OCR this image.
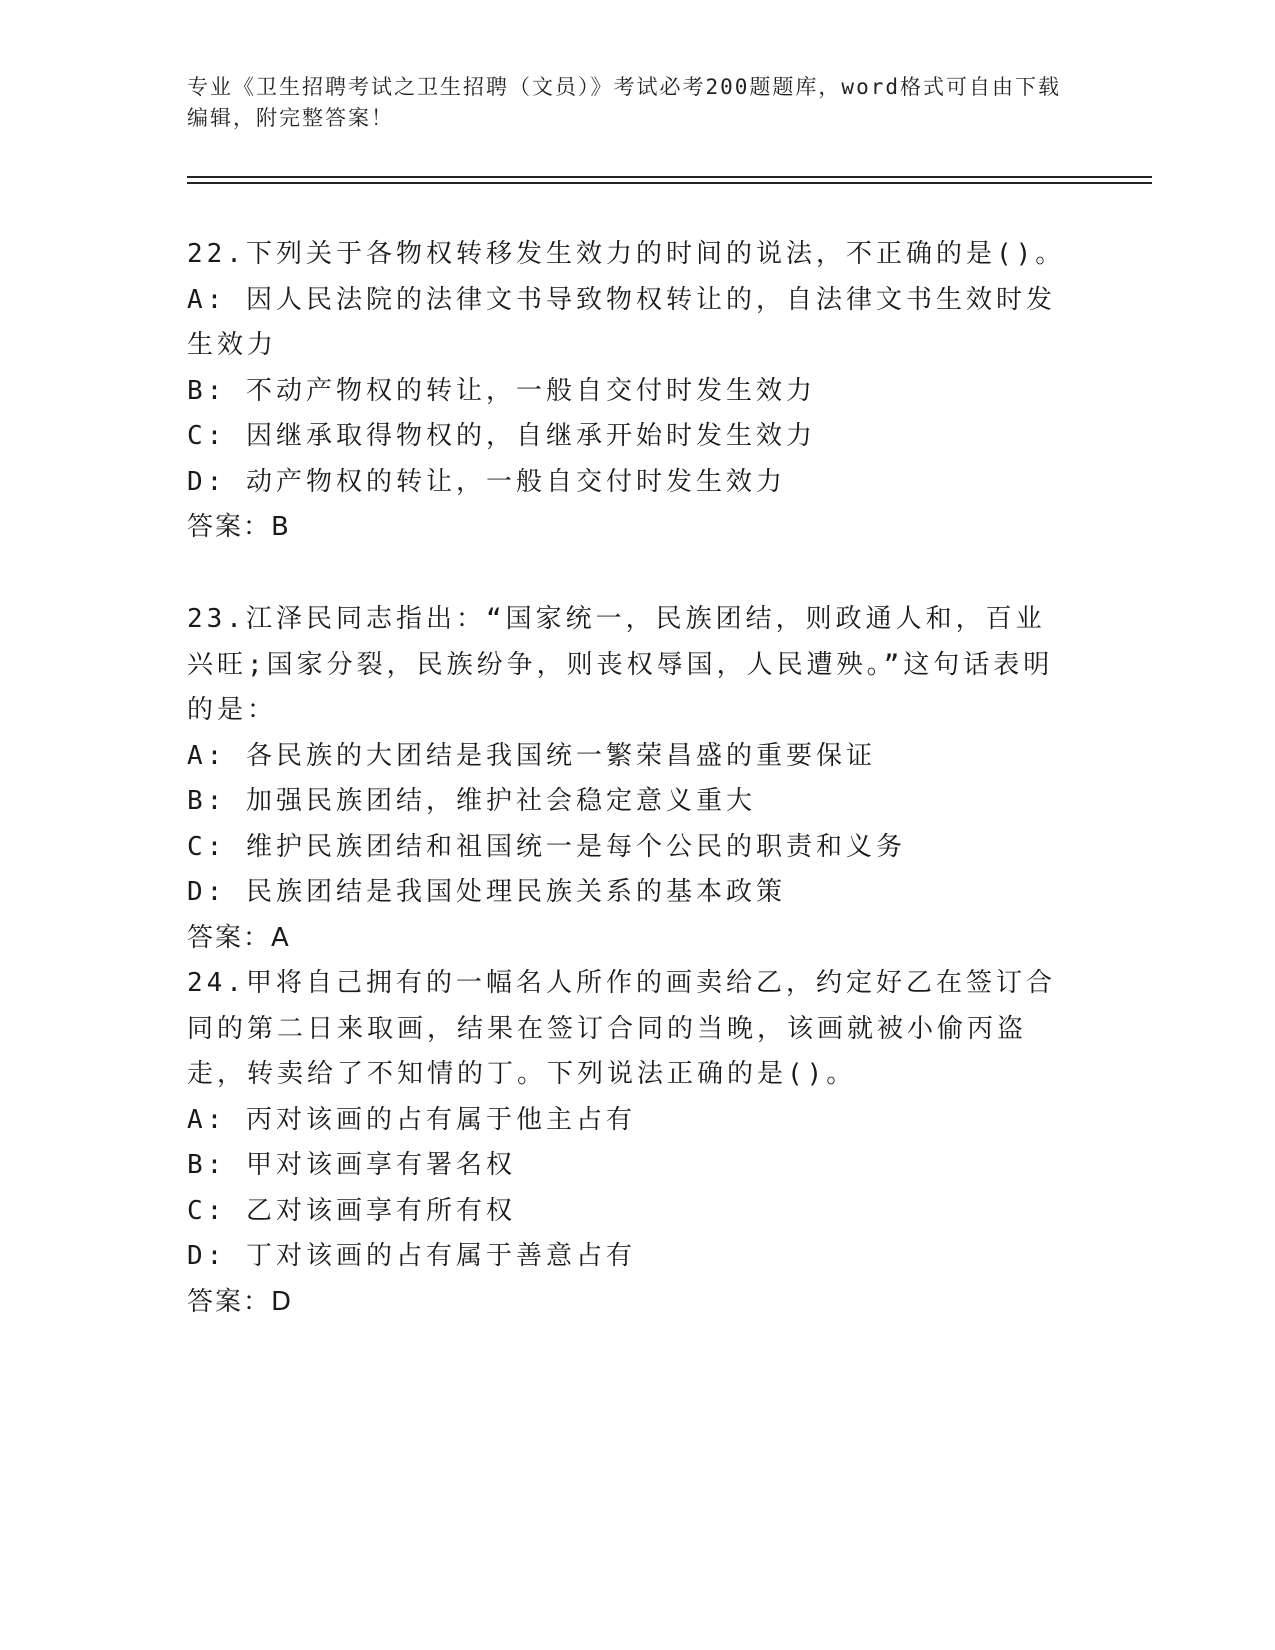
专业《卫生招聘考试之卫生招聘（文员）》考试必考200题题库，word格式可自由下载编辑，附完整答案！
22.下列关于各物权转移发生效力的时间的说法，不正确的是()。
A: 因人民法院的法律文书导致物权转让的，自法律文书生效时发生效力
B: 不动产物权的转让，一般自交付时发生效力
C: 因继承取得物权的，自继承开始时发生效力
D: 动产物权的转让，一般自交付时发生效力
答案：B
23.江泽民同志指出：“国家统一，民族团结，则政通人和，百业兴旺;国家分裂，民族纷争，则丧权辱国，人民遭殃。”这句话表明的是：
A: 各民族的大团结是我国统一繁荣昌盛的重要保证
B: 加强民族团结，维护社会稳定意义重大
C: 维护民族团结和祖国统一是每个公民的职责和义务
D: 民族团结是我国处理民族关系的基本政策
答案：A
24.甲将自己拥有的一幅名人所作的画卖给乙，约定好乙在签订合同的第二日来取画，结果在签订合同的当晚，该画就被小偷丙盗走，转卖给了不知情的丁。下列说法正确的是()。
A: 丙对该画的占有属于他主占有
B: 甲对该画享有署名权
C: 乙对该画享有所有权
D: 丁对该画的占有属于善意占有
答案：D
